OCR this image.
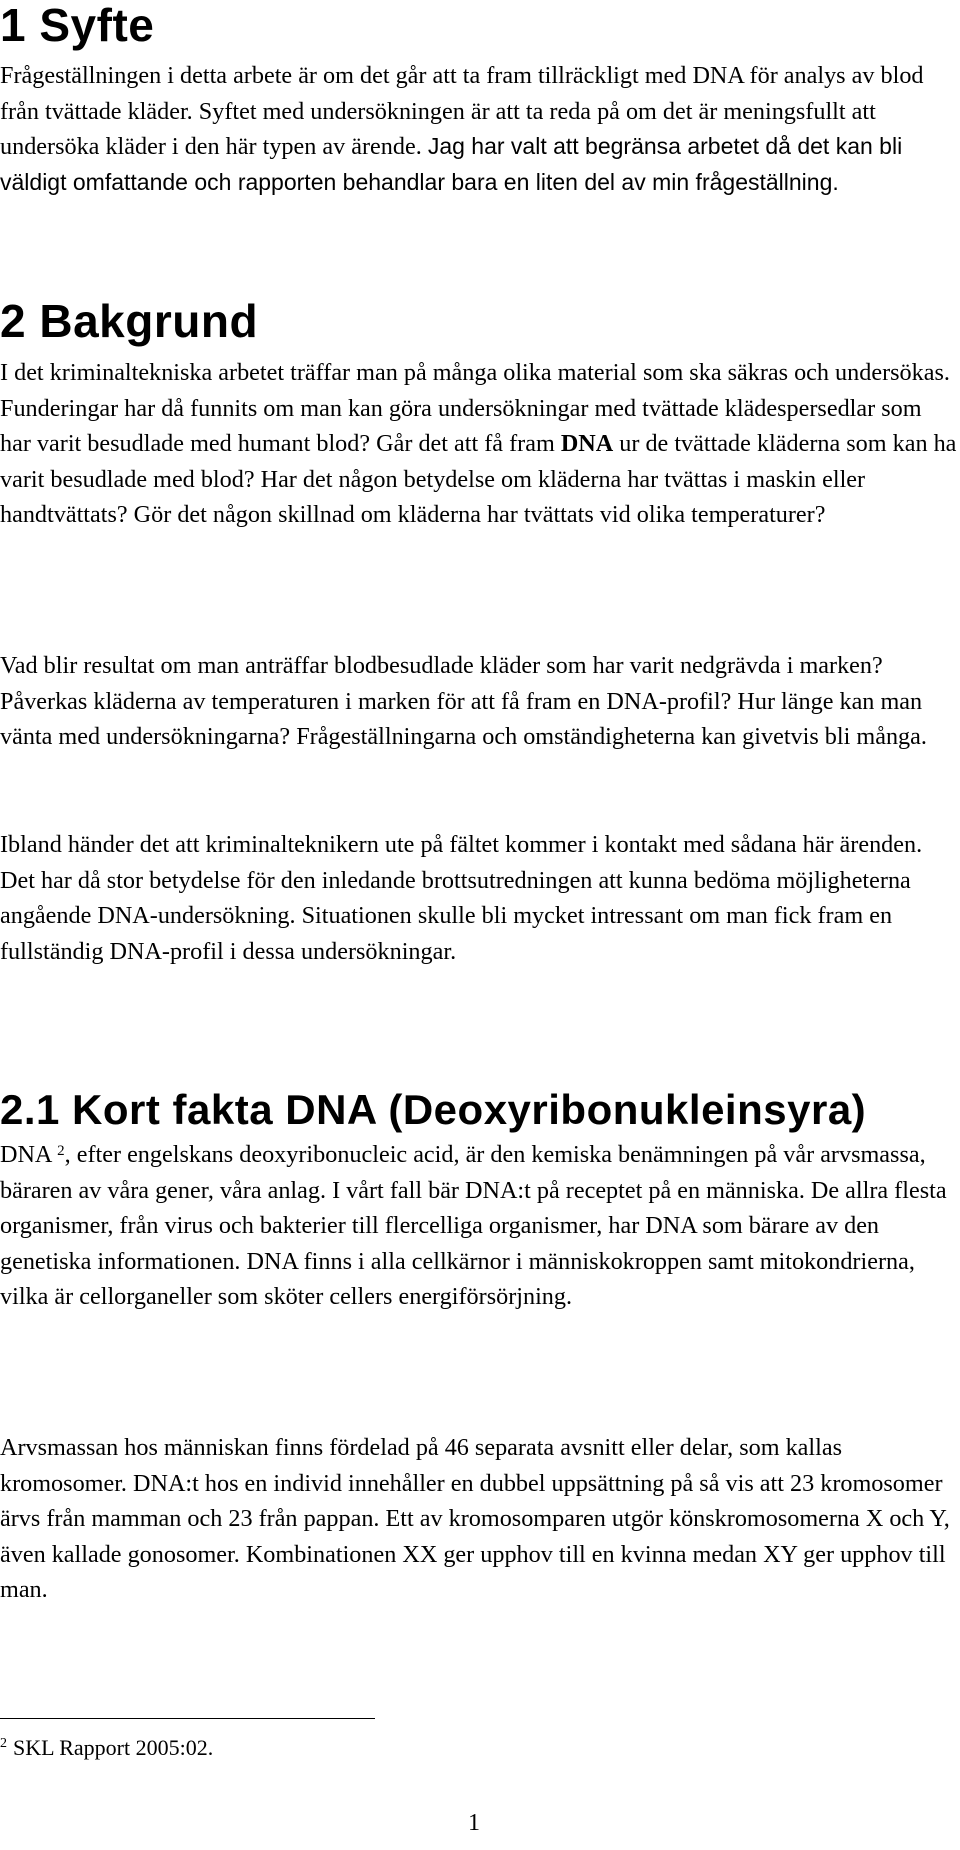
1 Syfte

Frågeställningen i detta arbete är om det går att ta fram tillräckligt med DNA för analys av blod från tvättade kläder. Syftet med undersökningen är att ta reda på om det är meningsfullt att undersöka kläder i den här typen av ärende. Jag har valt att begränsa arbetet då det kan bli väldigt omfattande och rapporten behandlar bara en liten del av min frågeställning.

2 Bakgrund

I det kriminaltekniska arbetet träffar man på många olika material som ska säkras och undersökas. Funderingar har då funnits om man kan göra undersökningar med tvättade klädespersedlar som har varit besudlade med humant blod? Går det att få fram DNA ur de tvättade kläderna som kan ha varit besudlade med blod? Har det någon betydelse om kläderna har tvättas i maskin eller handtvättats? Gör det någon skillnad om kläderna har tvättats vid olika temperaturer?

Vad blir resultat om man anträffar blodbesudlade kläder som har varit nedgrävda i marken? Påverkas kläderna av temperaturen i marken för att få fram en DNA-profil? Hur länge kan man vänta med undersökningarna? Frågeställningarna och omständigheterna kan givetvis bli många.

Ibland händer det att kriminalteknikern ute på fältet kommer i kontakt med sådana här ärenden. Det har då stor betydelse för den inledande brottsutredningen att kunna bedöma möjligheterna angående DNA-undersökning. Situationen skulle bli mycket intressant om man fick fram en fullständig DNA-profil i dessa undersökningar.

2.1 Kort fakta DNA (Deoxyribonukleinsyra)

DNA $^2$, efter engelskans deoxyribonucleic acid, är den kemiska benämningen på vår arvsmassa, bäraren av våra gener, våra anlag. I vårt fall bär DNA:t på receptet på en människa. De allra flesta organismer, från virus och bakterier till flercelliga organismer, har DNA som bärare av den genetiska informationen. DNA finns i alla cellkärnor i människokroppen samt mitokondrierna, vilka är cellorganeller som sköter cellers energiförsörjning.

Arvsmassan hos människan finns fördelad på 46 separata avsnitt eller delar, som kallas kromosomer. DNA:t hos en individ innehåller en dubbel uppsättning på så vis att 23 kromosomer ärvs från mamman och 23 från pappan. Ett av kromosomparen utgör könskromosomerna X och Y, även kallade gonosomer. Kombinationen XX ger upphov till en kvinna medan XY ger upphov till man.

$^2$ SKL Rapport 2005:02.

1
